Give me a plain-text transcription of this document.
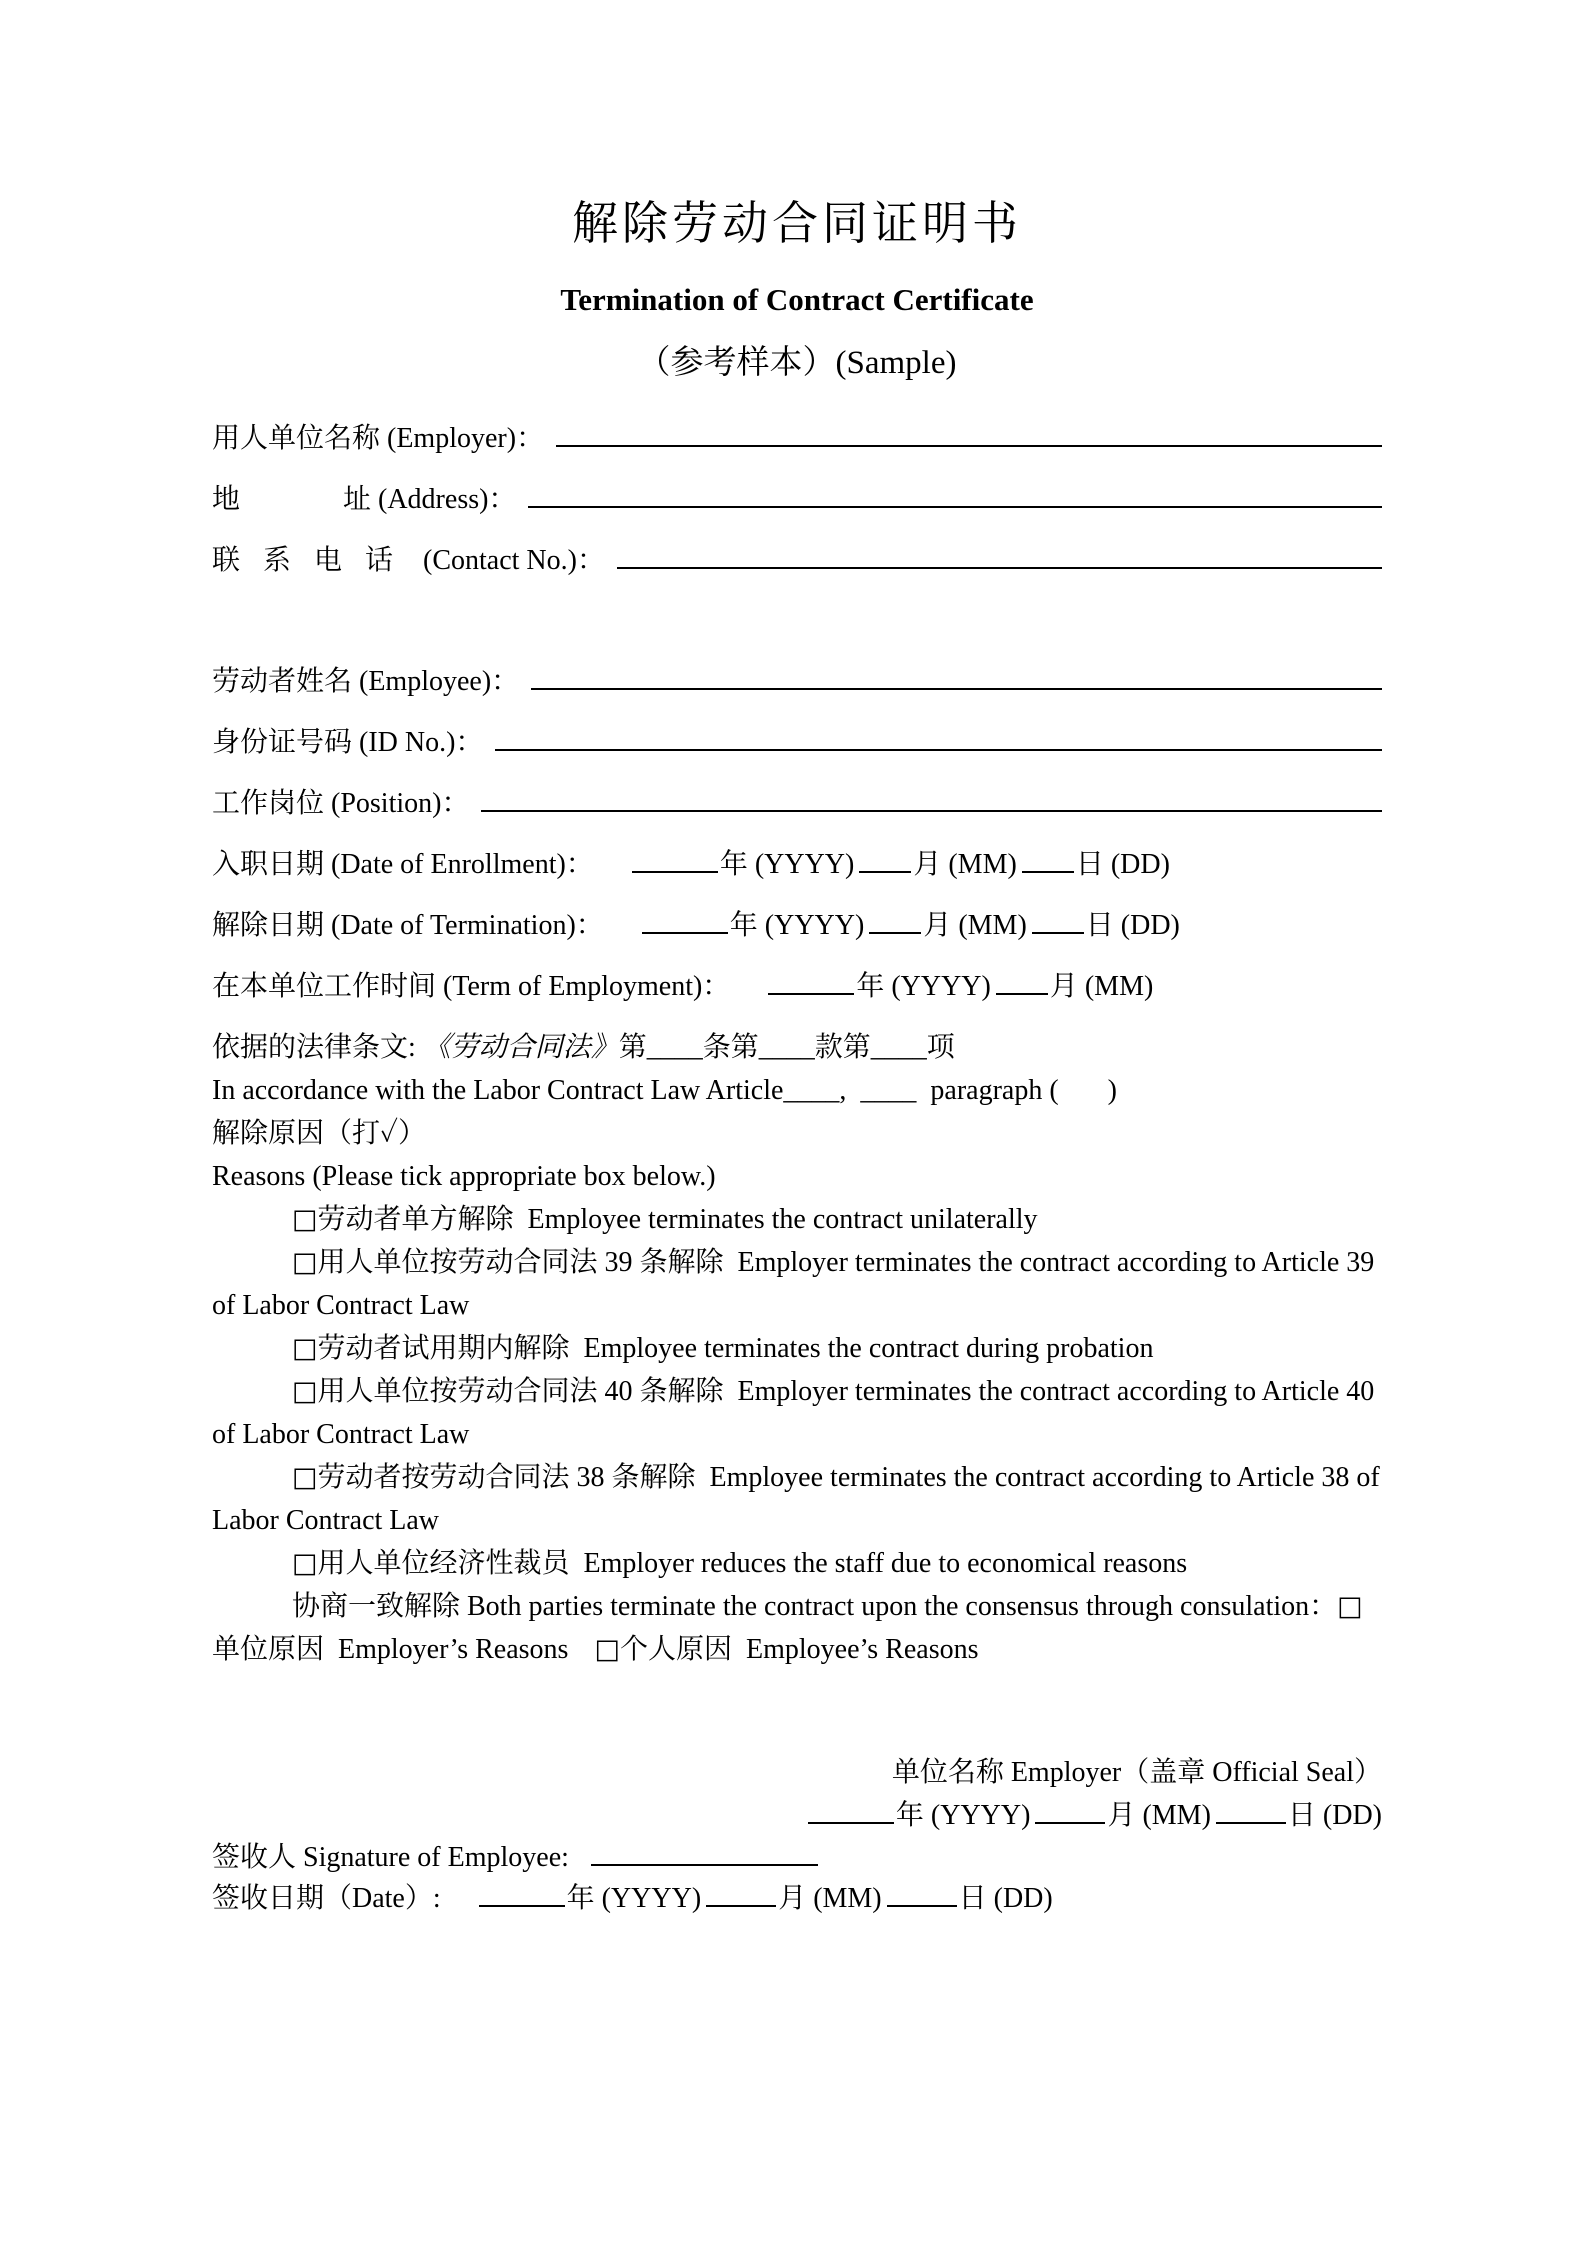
解除劳动合同证明书
Termination of Contract Certificate
（参考样本）(Sample)
用人单位名称 (Employer)：
地	址 (Address)：
联系电话 (Contact No.)：
劳动者姓名 (Employee)：
身份证号码 (ID No.)：
工作岗位 (Position)：
入职日期 (Date of Enrollment)：	年 (YYYY) 月 (MM) 日 (DD)
解除日期 (Date of Termination)：	年 (YYYY) 月 (MM) 日 (DD)
在本单位工作时间 (Term of Employment)：	年 (YYYY) 月 (MM)

依据的法律条文: 《劳动合同法》第____条第____款第____项

In accordance with the Labor Contract Law Article____,  ____  paragraph (       )

解除原因（打✓）

Reasons (Please tick appropriate box below.)

□劳动者单方解除  Employee terminates the contract unilaterally

□用人单位按劳动合同法 39 条解除  Employer terminates the contract according to Article 39 of Labor Contract Law

□劳动者试用期内解除  Employee terminates the contract during probation

□用人单位按劳动合同法 40 条解除  Employer terminates the contract according to Article 40 of Labor Contract Law

□劳动者按劳动合同法 38 条解除  Employee terminates the contract according to Article 38 of Labor Contract Law

□用人单位经济性裁员  Employer reduces the staff due to economical reasons

协商一致解除 Both parties terminate the contract upon the consensus through consulation：□单位原因  Employer’s Reasons □个人原因  Employee’s Reasons

单位名称 Employer（盖章 Official Seal）

年 (YYYY)	月 (MM)	日 (DD)

签收人 Signature of Employee:

签收日期（Date）:	年 (YYYY)	月 (MM)	日 (DD)
